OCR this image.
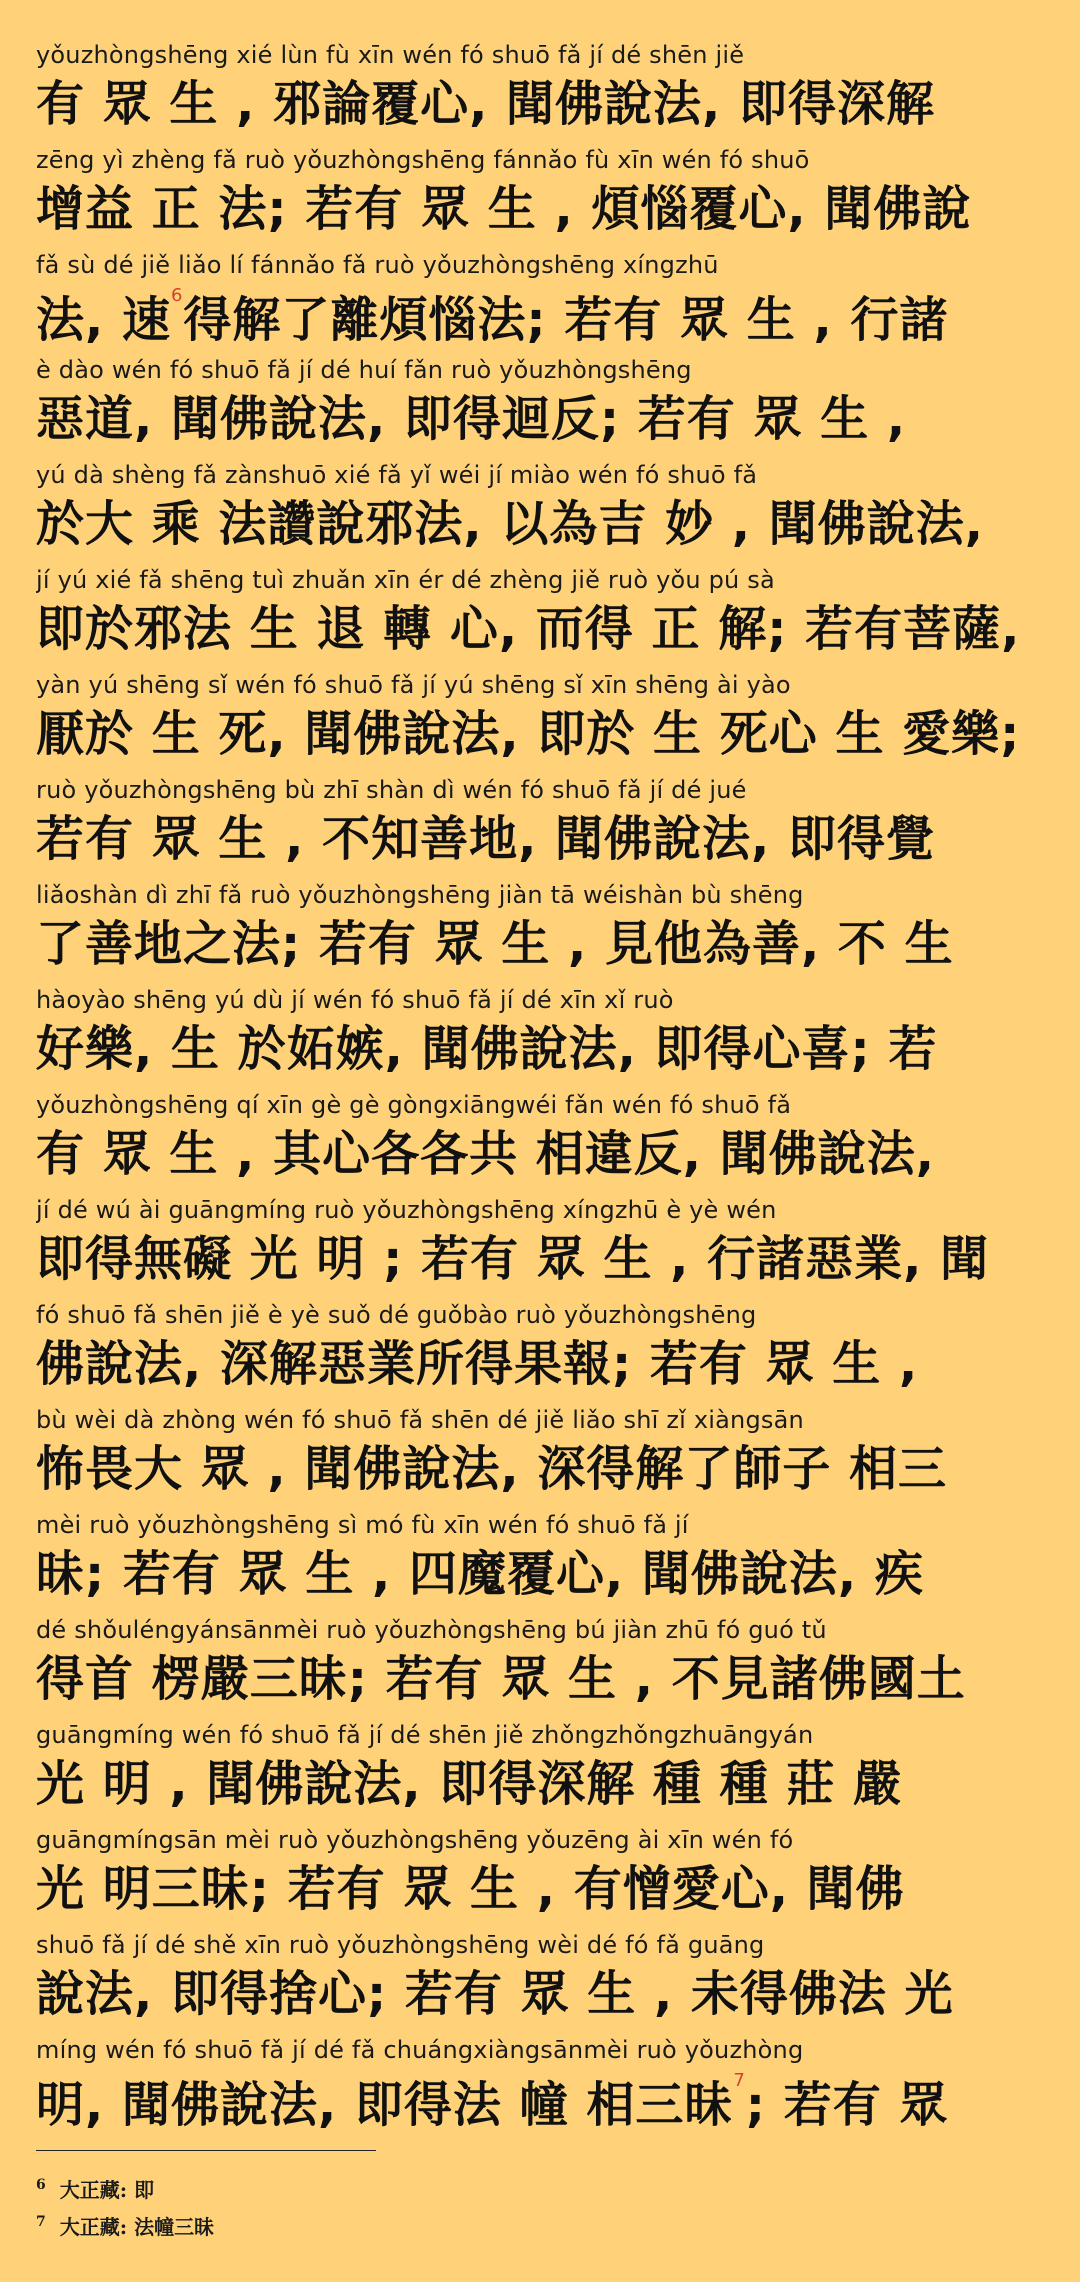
yǒuzhòngshēng xié lùn fù xīn wén fó shuō fǎ jí dé shēn jiě
有 眾 生 , 邪論覆心, 聞佛說法, 即得深解
zēng yì zhèng fǎ ruò yǒuzhòngshēng fánnǎo fù xīn wén fó shuō
增益 正 法; 若有 眾 生 , 煩惱覆心, 聞佛說
fǎ sù dé jiě liǎo lí fánnǎo fǎ ruò yǒuzhòngshēng xíngzhū
法, 速$^6$得解了離煩惱法; 若有 眾 生 , 行諸
è dào wén fó shuō fǎ jí dé huí fǎn ruò yǒuzhòngshēng
惡道, 聞佛說法, 即得迴反; 若有 眾 生 ,
yú dà shèng fǎ zànshuō xié fǎ yǐ wéi jí miào wén fó shuō fǎ
於大 乘 法讚說邪法, 以為吉 妙 , 聞佛說法,
jí yú xié fǎ shēng tuì zhuǎn xīn ér dé zhèng jiě ruò yǒu pú sà
即於邪法 生 退 轉 心, 而得 正 解; 若有菩薩,
yàn yú shēng sǐ wén fó shuō fǎ jí yú shēng sǐ xīn shēng ài yào
厭於 生 死, 聞佛說法, 即於 生 死心 生 愛樂;
ruò yǒuzhòngshēng bù zhī shàn dì wén fó shuō fǎ jí dé jué
若有 眾 生 , 不知善地, 聞佛說法, 即得覺
liǎoshàn dì zhī fǎ ruò yǒuzhòngshēng jiàn tā wéishàn bù shēng
了善地之法; 若有 眾 生 , 見他為善, 不 生
hàoyào shēng yú dù jí wén fó shuō fǎ jí dé xīn xǐ ruò
好樂, 生 於妬嫉, 聞佛說法, 即得心喜; 若
yǒuzhòngshēng qí xīn gè gè gòngxiāngwéi fǎn wén fó shuō fǎ
有 眾 生 , 其心各各共 相違反, 聞佛說法,
jí dé wú ài guāngmíng ruò yǒuzhòngshēng xíngzhū è yè wén
即得無礙 光 明 ; 若有 眾 生 , 行諸惡業, 聞
fó shuō fǎ shēn jiě è yè suǒ dé guǒbào ruò yǒuzhòngshēng
佛說法, 深解惡業所得果報; 若有 眾 生 ,
bù wèi dà zhòng wén fó shuō fǎ shēn dé jiě liǎo shī zǐ xiàngsān
怖畏大 眾 , 聞佛說法, 深得解了師子 相三
mèi ruò yǒuzhòngshēng sì mó fù xīn wén fó shuō fǎ jí
昧; 若有 眾 生 , 四魔覆心, 聞佛說法, 疾
dé shǒuléngyánsānmèi ruò yǒuzhòngshēng bú jiàn zhū fó guó tǔ
得首 楞嚴三昧; 若有 眾 生 , 不見諸佛國土
guāngmíng wén fó shuō fǎ jí dé shēn jiě zhǒngzhǒngzhuāngyán
光 明 , 聞佛說法, 即得深解 種 種 莊 嚴
guāngmíngsān mèi ruò yǒuzhòngshēng yǒuzēng ài xīn wén fó
光 明三昧; 若有 眾 生 , 有憎愛心, 聞佛
shuō fǎ jí dé shě xīn ruò yǒuzhòngshēng wèi dé fó fǎ guāng
說法, 即得捨心; 若有 眾 生 , 未得佛法 光
míng wén fó shuō fǎ jí dé fǎ chuángxiàngsānmèi ruò yǒuzhòng
明, 聞佛說法, 即得法 幢 相三昧$^7$; 若有 眾
$^6$ 大正藏: 即
$^7$ 大正藏: 法幢三昧
